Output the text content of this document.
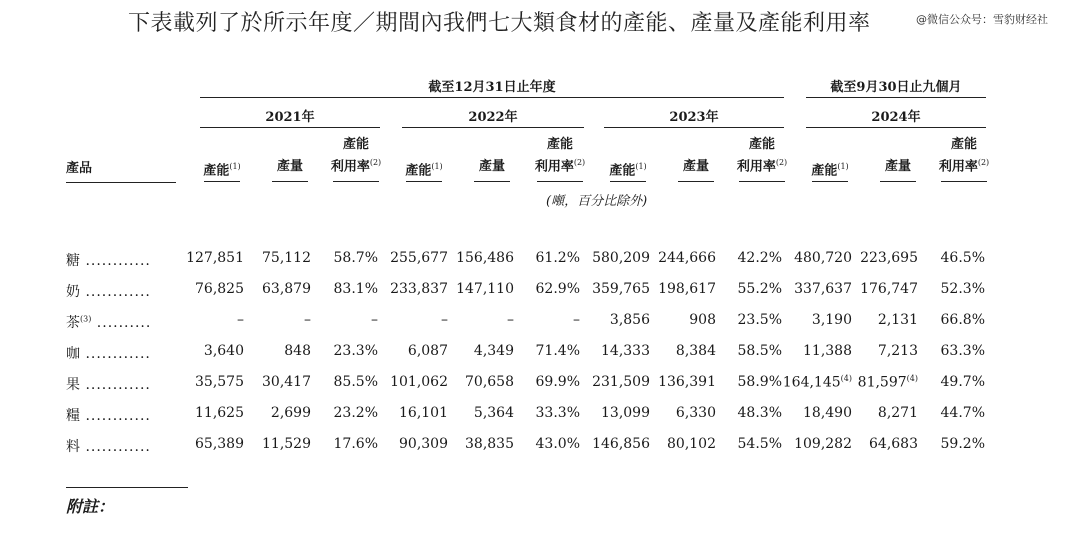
下表載列了於所示年度／期間內我們七大類食材的產能、產量及產能利用率	@微信公众号：雪豹财经社
截至12月31日止年度	截至9月30日止九個月
2021年	2022年	2023年	2024年
產品	產能$^{(1)}$	產量
產能
利用率$^{(2)}$
產能$^{(1)}$	產量
產能
利用率$^{(2)}$
產能$^{(1)}$	產量
產能
利用率$^{(2)}$
產能$^{(1)}$	產量
產能
利用率$^{(2)}$
(噸，百分比除外)
糖 ............	127,851	75,112	58.7% 255,677 156,486	61.2% 580,209 244,666	42.2% 480,720 223,695	46.5%
奶 ............	76,825	63,879	83.1% 233,837 147,110	62.9% 359,765 198,617	55.2% 337,637 176,747	52.3%
茶$^{(3)}$ ..........	–	–	–	–	–	–	3,856	908	23.5%	3,190	2,131	66.8%
咖 ............	3,640	848	23.3%	6,087	4,349	71.4%	14,333	8,384	58.5%	11,388	7,213	63.3%
果 ............	35,575	30,417	85.5% 101,062	70,658	69.9% 231,509 136,391	58.9% 164,145$^{(4)}$ 81,597$^{(4)}$	49.7%
糧 ............	11,625	2,699	23.2%	16,101	5,364	33.3%	13,099	6,330	48.3%	18,490	8,271	44.7%
料 ............	65,389	11,529	17.6%	90,309	38,835	43.0% 146,856	80,102	54.5% 109,282	64,683	59.2%
附註：
